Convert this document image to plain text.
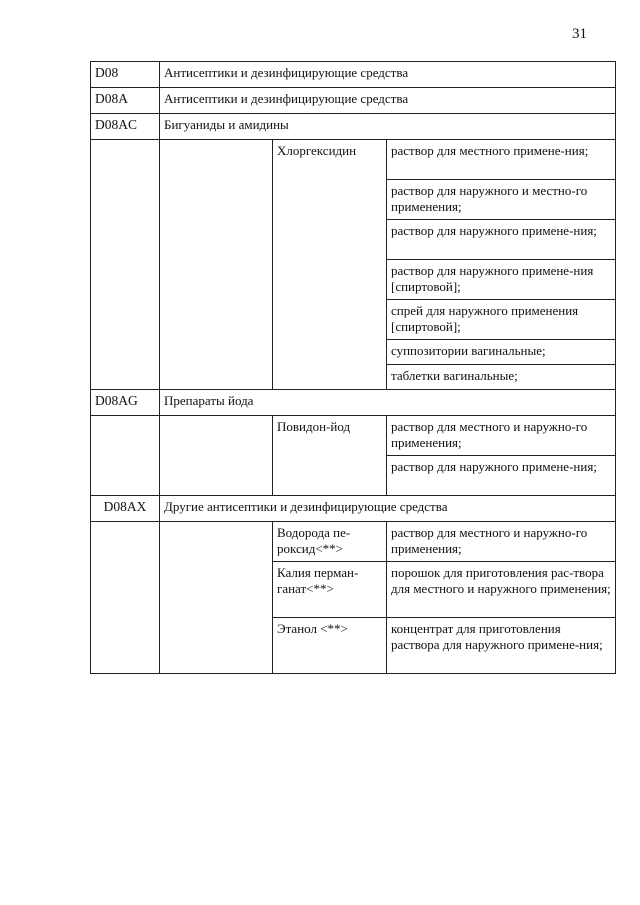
31
D08	Антисептики и дезинфицирующие средства		
D08A	Антисептики и дезинфицирующие средства		
D08AC	Бигуаниды и амидины		
		Хлоргексидин	раствор для местного примене-ния;
			раствор для наружного и местно-го применения;
			раствор для наружного примене-ния;
			раствор для наружного примене-ния [спиртовой];
			спрей для наружного применения [спиртовой];
			суппозитории вагинальные;
			таблетки вагинальные;
D08AG	Препараты йода		
		Повидон-йод	раствор для местного и наружно-го применения;
			раствор для наружного примене-ния;
D08AX	Другие антисептики и дезинфицирующие средства		
		Водорода пе-роксид<**>	раствор для местного и наружно-го применения;
		Калия перман-ганат<**>	порошок для приготовления рас-твора для местного и наружного применения;
		Этанол <**>	концентрат для приготовления раствора для наружного примене-ния;
